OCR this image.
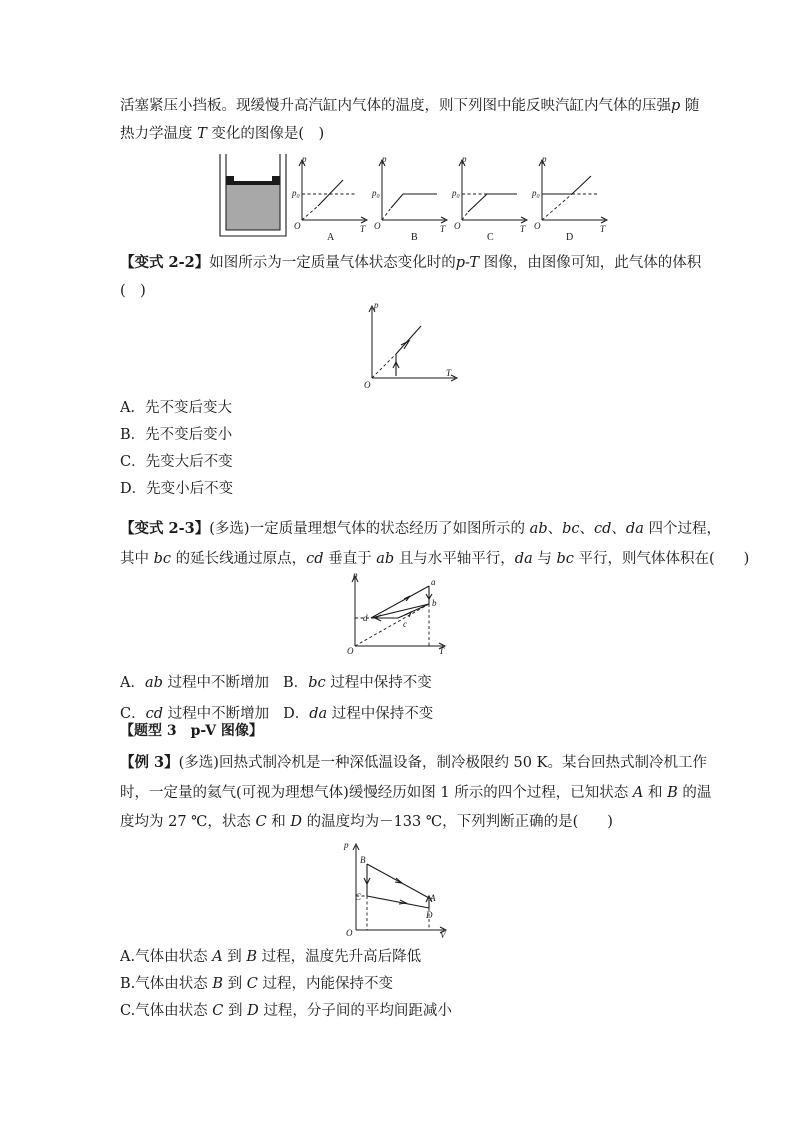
活塞紧压小挡板。现缓慢升高汽缸内气体的温度，则下列图中能反映汽缸内气体的压强p 随
热力学温度 T 变化的图像是(　)
p
$p_0$
O	T
A
p
$p_0$
O	T
B
p
$p_0$
O	T
C
p
$p_0$
O	T
D
【变式 2-2】如图所示为一定质量气体状态变化时的p-T 图像，由图像可知，此气体的体积
(　)
p
O
T
A．先不变后变大
B．先不变后变小
C．先变大后不变
D．先变小后不变
【变式 2-3】(多选)一定质量理想气体的状态经历了如图所示的 ab、bc、cd、da 四个过程，
其中 bc 的延长线通过原点，cd 垂直于 ab 且与水平轴平行，da 与 bc 平行，则气体体积在(　　)
p
O	T
a
b
c
d
A．ab 过程中不断增加 B．bc 过程中保持不变
C．cd 过程中不断增加 D．da 过程中保持不变
【题型 3　p-V 图像】
【例 3】(多选)回热式制冷机是一种深低温设备，制冷极限约 50 K。某台回热式制冷机工作
时，一定量的氦气(可视为理想气体)缓慢经历如图 1 所示的四个过程，已知状态 A 和 B 的温
度均为 27 ℃，状态 C 和 D 的温度均为－133 ℃，下列判断正确的是(　　)
p
O	V
B
A
C
D
A.气体由状态 A 到 B 过程，温度先升高后降低
B.气体由状态 B 到 C 过程，内能保持不变
C.气体由状态 C 到 D 过程，分子间的平均间距减小
